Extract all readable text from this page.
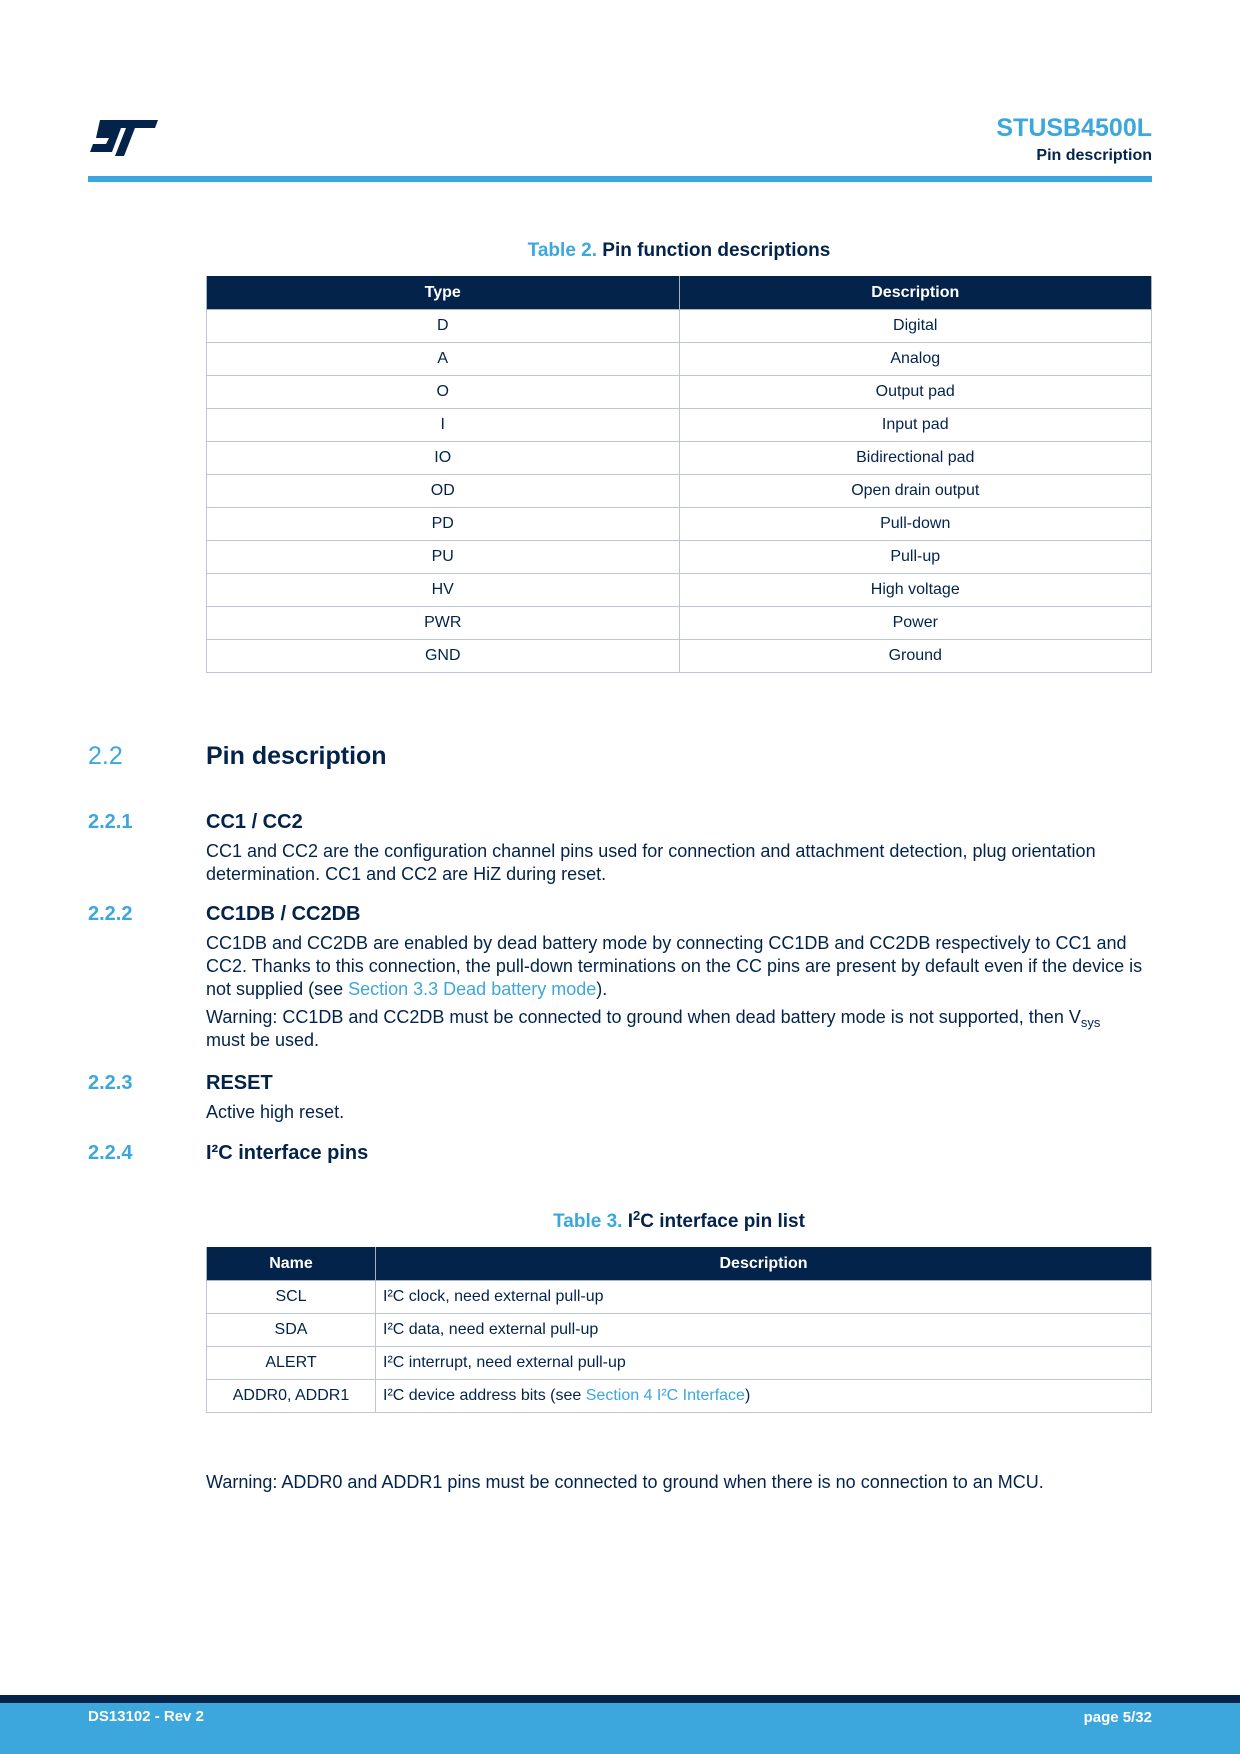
ST
STUSB4500L
Pin description
Table 2. Pin function descriptions
Type	Description
D	Digital
A	Analog
O	Output pad
I	Input pad
IO	Bidirectional pad
OD	Open drain output
PD	Pull-down
PU	Pull-up
HV	High voltage
PWR	Power
GND	Ground
2.2	Pin description
2.2.1	CC1 / CC2
CC1 and CC2 are the configuration channel pins used for connection and attachment detection, plug orientation determination. CC1 and CC2 are HiZ during reset.
2.2.2	CC1DB / CC2DB
CC1DB and CC2DB are enabled by dead battery mode by connecting CC1DB and CC2DB respectively to CC1 and CC2. Thanks to this connection, the pull-down terminations on the CC pins are present by default even if the device is not supplied (see Section 3.3 Dead battery mode).
Warning: CC1DB and CC2DB must be connected to ground when dead battery mode is not supported, then $V_{sys}$
must be used.
2.2.3	RESET
Active high reset.
2.2.4	I²C interface pins
Table 3. $I^2C$ interface pin list
Name	Description
SCL	I²C clock, need external pull-up
SDA	I²C data, need external pull-up
ALERT	I²C interrupt, need external pull-up
ADDR0, ADDR1	I²C device address bits (see Section 4 I²C Interface)
Warning: ADDR0 and ADDR1 pins must be connected to ground when there is no connection to an MCU.
DS13102 - Rev 2	page 5/32
